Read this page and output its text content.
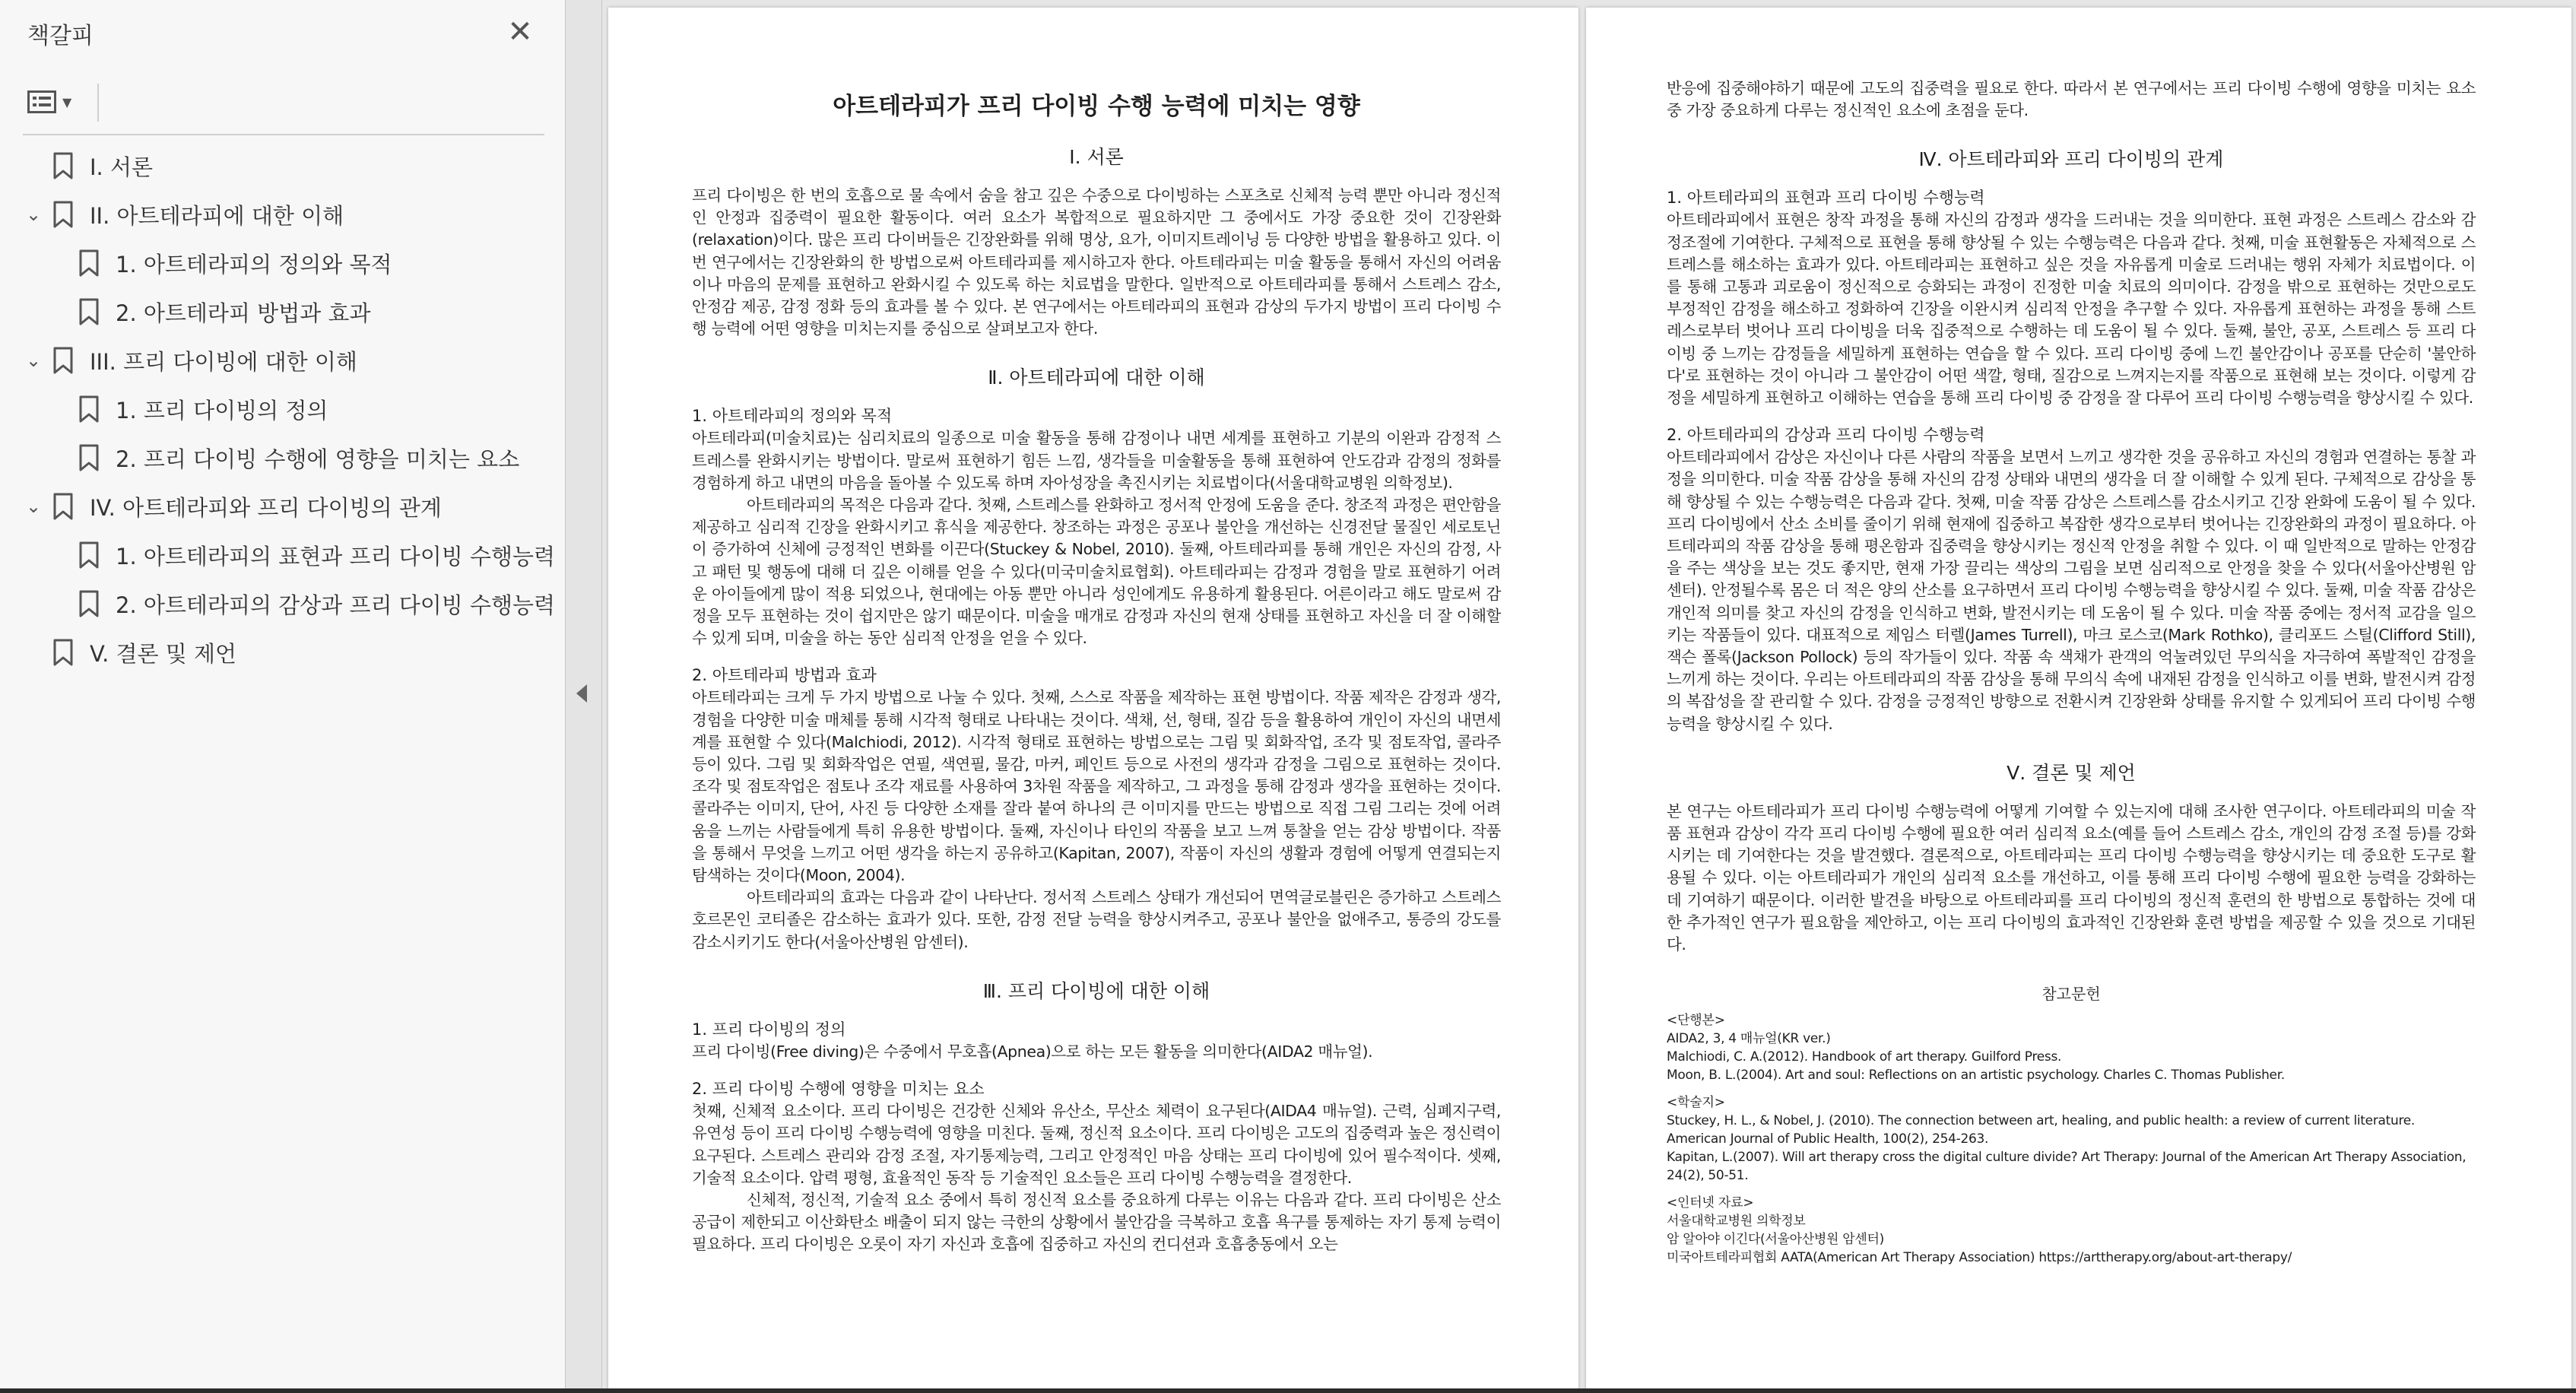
책갈피	✕
▼
I. 서론
⌄ II. 아트테라피에 대한 이해
1. 아트테라피의 정의와 목적
2. 아트테라피 방법과 효과
⌄ III. 프리 다이빙에 대한 이해
1. 프리 다이빙의 정의
2. 프리 다이빙 수행에 영향을 미치는 요소
⌄ IV. 아트테라피와 프리 다이빙의 관계
1. 아트테라피의 표현과 프리 다이빙 수행능력
2. 아트테라피의 감상과 프리 다이빙 수행능력
V. 결론 및 제언
아트테라피가 프리 다이빙 수행 능력에 미치는 영향
Ⅰ. 서론

프리 다이빙은 한 번의 호흡으로 물 속에서 숨을 참고 깊은 수중으로 다이빙하는 스포츠로 신체적 능력 뿐만 아니라 정신적인 안정과 집중력이 필요한 활동이다. 여러 요소가 복합적으로 필요하지만 그 중에서도 가장 중요한 것이 긴장완화(relaxation)이다. 많은 프리 다이버들은 긴장완화를 위해 명상, 요가, 이미지트레이닝 등 다양한 방법을 활용하고 있다. 이번 연구에서는 긴장완화의 한 방법으로써 아트테라피를 제시하고자 한다. 아트테라피는 미술 활동을 통해서 자신의 어려움이나 마음의 문제를 표현하고 완화시킬 수 있도록 하는 치료법을 말한다. 일반적으로 아트테라피를 통해서 스트레스 감소, 안정감 제공, 감정 정화 등의 효과를 볼 수 있다. 본 연구에서는 아트테라피의 표현과 감상의 두가지 방법이 프리 다이빙 수행 능력에 어떤 영향을 미치는지를 중심으로 살펴보고자 한다.

Ⅱ. 아트테라피에 대한 이해

1. 아트테라피의 정의와 목적

아트테라피(미술치료)는 심리치료의 일종으로 미술 활동을 통해 감정이나 내면 세계를 표현하고 기분의 이완과 감정적 스트레스를 완화시키는 방법이다. 말로써 표현하기 힘든 느낌, 생각들을 미술활동을 통해 표현하여 안도감과 감정의 정화를 경험하게 하고 내면의 마음을 돌아볼 수 있도록 하며 자아성장을 촉진시키는 치료법이다(서울대학교병원 의학정보).

아트테라피의 목적은 다음과 같다. 첫째, 스트레스를 완화하고 정서적 안정에 도움을 준다. 창조적 과정은 편안함을 제공하고 심리적 긴장을 완화시키고 휴식을 제공한다. 창조하는 과정은 공포나 불안을 개선하는 신경전달 물질인 세로토닌이 증가하여 신체에 긍정적인 변화를 이끈다(Stuckey & Nobel, 2010). 둘째, 아트테라피를 통해 개인은 자신의 감정, 사고 패턴 및 행동에 대해 더 깊은 이해를 얻을 수 있다(미국미술치료협회). 아트테라피는 감정과 경험을 말로 표현하기 어려운 아이들에게 많이 적용 되었으나, 현대에는 아동 뿐만 아니라 성인에게도 유용하게 활용된다. 어른이라고 해도 말로써 감정을 모두 표현하는 것이 쉽지만은 않기 때문이다. 미술을 매개로 감정과 자신의 현재 상태를 표현하고 자신을 더 잘 이해할 수 있게 되며, 미술을 하는 동안 심리적 안정을 얻을 수 있다.

2. 아트테라피 방법과 효과

아트테라피는 크게 두 가지 방법으로 나눌 수 있다. 첫째, 스스로 작품을 제작하는 표현 방법이다. 작품 제작은 감정과 생각, 경험을 다양한 미술 매체를 통해 시각적 형태로 나타내는 것이다. 색채, 선, 형태, 질감 등을 활용하여 개인이 자신의 내면세계를 표현할 수 있다(Malchiodi, 2012). 시각적 형태로 표현하는 방법으로는 그림 및 회화작업, 조각 및 점토작업, 콜라주 등이 있다. 그림 및 회화작업은 연필, 색연필, 물감, 마커, 페인트 등으로 사전의 생각과 감정을 그림으로 표현하는 것이다. 조각 및 점토작업은 점토나 조각 재료를 사용하여 3차원 작품을 제작하고, 그 과정을 통해 감정과 생각을 표현하는 것이다. 콜라주는 이미지, 단어, 사진 등 다양한 소재를 잘라 붙여 하나의 큰 이미지를 만드는 방법으로 직접 그림 그리는 것에 어려움을 느끼는 사람들에게 특히 유용한 방법이다. 둘째, 자신이나 타인의 작품을 보고 느껴 통찰을 얻는 감상 방법이다. 작품을 통해서 무엇을 느끼고 어떤 생각을 하는지 공유하고(Kapitan, 2007), 작품이 자신의 생활과 경험에 어떻게 연결되는지 탐색하는 것이다(Moon, 2004).

아트테라피의 효과는 다음과 같이 나타난다. 정서적 스트레스 상태가 개선되어 면역글로블린은 증가하고 스트레스 호르몬인 코티졸은 감소하는 효과가 있다. 또한, 감정 전달 능력을 향상시켜주고, 공포나 불안을 없애주고, 통증의 강도를 감소시키기도 한다(서울아산병원 암센터).

Ⅲ. 프리 다이빙에 대한 이해

1. 프리 다이빙의 정의

프리 다이빙(Free diving)은 수중에서 무호흡(Apnea)으로 하는 모든 활동을 의미한다(AIDA2 매뉴얼).

2. 프리 다이빙 수행에 영향을 미치는 요소

첫째, 신체적 요소이다. 프리 다이빙은 건강한 신체와 유산소, 무산소 체력이 요구된다(AIDA4 매뉴얼). 근력, 심폐지구력, 유연성 등이 프리 다이빙 수행능력에 영향을 미친다. 둘째, 정신적 요소이다. 프리 다이빙은 고도의 집중력과 높은 정신력이 요구된다. 스트레스 관리와 감정 조절, 자기통제능력, 그리고 안정적인 마음 상태는 프리 다이빙에 있어 필수적이다. 셋째, 기술적 요소이다. 압력 평형, 효율적인 동작 등 기술적인 요소들은 프리 다이빙 수행능력을 결정한다.

신체적, 정신적, 기술적 요소 중에서 특히 정신적 요소를 중요하게 다루는 이유는 다음과 같다. 프리 다이빙은 산소 공급이 제한되고 이산화탄소 배출이 되지 않는 극한의 상황에서 불안감을 극복하고 호흡 욕구를 통제하는 자기 통제 능력이 필요하다. 프리 다이빙은 오롯이 자기 자신과 호흡에 집중하고 자신의 컨디션과 호흡충동에서 오는

반응에 집중해야하기 때문에 고도의 집중력을 필요로 한다. 따라서 본 연구에서는 프리 다이빙 수행에 영향을 미치는 요소 중 가장 중요하게 다루는 정신적인 요소에 초점을 둔다.

Ⅳ. 아트테라피와 프리 다이빙의 관계

1. 아트테라피의 표현과 프리 다이빙 수행능력

아트테라피에서 표현은 창작 과정을 통해 자신의 감정과 생각을 드러내는 것을 의미한다. 표현 과정은 스트레스 감소와 감정조절에 기여한다. 구체적으로 표현을 통해 향상될 수 있는 수행능력은 다음과 같다. 첫째, 미술 표현활동은 자체적으로 스트레스를 해소하는 효과가 있다. 아트테라피는 표현하고 싶은 것을 자유롭게 미술로 드러내는 행위 자체가 치료법이다. 이를 통해 고통과 괴로움이 정신적으로 승화되는 과정이 진정한 미술 치료의 의미이다. 감정을 밖으로 표현하는 것만으로도 부정적인 감정을 해소하고 정화하여 긴장을 이완시켜 심리적 안정을 추구할 수 있다. 자유롭게 표현하는 과정을 통해 스트레스로부터 벗어나 프리 다이빙을 더욱 집중적으로 수행하는 데 도움이 될 수 있다. 둘째, 불안, 공포, 스트레스 등 프리 다이빙 중 느끼는 감정들을 세밀하게 표현하는 연습을 할 수 있다. 프리 다이빙 중에 느낀 불안감이나 공포를 단순히 '불안하다'로 표현하는 것이 아니라 그 불안감이 어떤 색깔, 형태, 질감으로 느껴지는지를 작품으로 표현해 보는 것이다. 이렇게 감정을 세밀하게 표현하고 이해하는 연습을 통해 프리 다이빙 중 감정을 잘 다루어 프리 다이빙 수행능력을 향상시킬 수 있다.

2. 아트테라피의 감상과 프리 다이빙 수행능력

아트테라피에서 감상은 자신이나 다른 사람의 작품을 보면서 느끼고 생각한 것을 공유하고 자신의 경험과 연결하는 통찰 과정을 의미한다. 미술 작품 감상을 통해 자신의 감정 상태와 내면의 생각을 더 잘 이해할 수 있게 된다. 구체적으로 감상을 통해 향상될 수 있는 수행능력은 다음과 같다. 첫째, 미술 작품 감상은 스트레스를 감소시키고 긴장 완화에 도움이 될 수 있다. 프리 다이빙에서 산소 소비를 줄이기 위해 현재에 집중하고 복잡한 생각으로부터 벗어나는 긴장완화의 과정이 필요하다. 아트테라피의 작품 감상을 통해 평온함과 집중력을 향상시키는 정신적 안정을 취할 수 있다. 이 때 일반적으로 말하는 안정감을 주는 색상을 보는 것도 좋지만, 현재 가장 끌리는 색상의 그림을 보면 심리적으로 안정을 찾을 수 있다(서울아산병원 암센터). 안정될수록 몸은 더 적은 양의 산소를 요구하면서 프리 다이빙 수행능력을 향상시킬 수 있다. 둘째, 미술 작품 감상은 개인적 의미를 찾고 자신의 감정을 인식하고 변화, 발전시키는 데 도움이 될 수 있다. 미술 작품 중에는 정서적 교감을 일으키는 작품들이 있다. 대표적으로 제임스 터렐(James Turrell), 마크 로스코(Mark Rothko), 클리포드 스틸(Clifford Still), 잭슨 폴록(Jackson Pollock) 등의 작가들이 있다. 작품 속 색채가 관객의 억눌려있던 무의식을 자극하여 폭발적인 감정을 느끼게 하는 것이다. 우리는 아트테라피의 작품 감상을 통해 무의식 속에 내재된 감정을 인식하고 이를 변화, 발전시켜 감정의 복잡성을 잘 관리할 수 있다. 감정을 긍정적인 방향으로 전환시켜 긴장완화 상태를 유지할 수 있게되어 프리 다이빙 수행능력을 향상시킬 수 있다.

Ⅴ. 결론 및 제언

본 연구는 아트테라피가 프리 다이빙 수행능력에 어떻게 기여할 수 있는지에 대해 조사한 연구이다. 아트테라피의 미술 작품 표현과 감상이 각각 프리 다이빙 수행에 필요한 여러 심리적 요소(예를 들어 스트레스 감소, 개인의 감정 조절 등)를 강화시키는 데 기여한다는 것을 발견했다. 결론적으로, 아트테라피는 프리 다이빙 수행능력을 향상시키는 데 중요한 도구로 활용될 수 있다. 이는 아트테라피가 개인의 심리적 요소를 개선하고, 이를 통해 프리 다이빙 수행에 필요한 능력을 강화하는 데 기여하기 때문이다. 이러한 발견을 바탕으로 아트테라피를 프리 다이빙의 정신적 훈련의 한 방법으로 통합하는 것에 대한 추가적인 연구가 필요함을 제안하고, 이는 프리 다이빙의 효과적인 긴장완화 훈련 방법을 제공할 수 있을 것으로 기대된다.

참고문헌

<단행본>

AIDA2, 3, 4 매뉴얼(KR ver.)

Malchiodi, C. A.(2012). Handbook of art therapy. Guilford Press.

Moon, B. L.(2004). Art and soul: Reflections on an artistic psychology. Charles C. Thomas Publisher.

<학술지>

Stuckey, H. L., & Nobel, J. (2010). The connection between art, healing, and public health: a review of current literature. American Journal of Public Health, 100(2), 254-263.

Kapitan, L.(2007). Will art therapy cross the digital culture divide? Art Therapy: Journal of the American Art Therapy Association, 24(2), 50-51.

<인터넷 자료>

서울대학교병원 의학정보

암 알아야 이긴다(서울아산병원 암센터)

미국아트테라피협회 AATA(American Art Therapy Association) https://arttherapy.org/about-art-therapy/
